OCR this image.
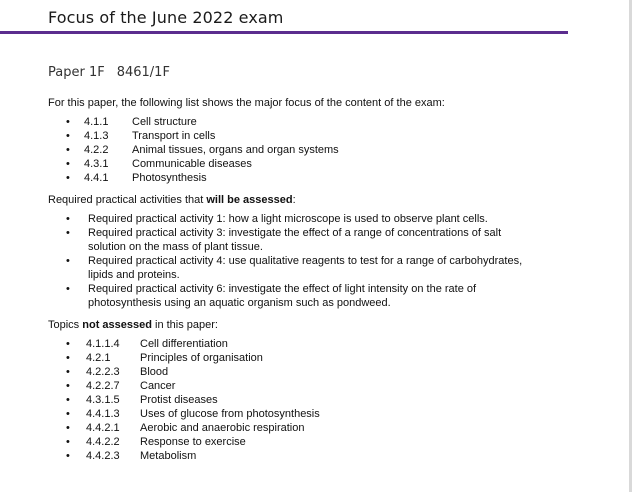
Focus of the June 2022 exam
Paper 1F 8461/1F

For this paper, the following list shows the major focus of the content of the exam:

• 4.1.1 Cell structure
• 4.1.3 Transport in cells
• 4.2.2 Animal tissues, organs and organ systems
• 4.3.1 Communicable diseases
• 4.4.1 Photosynthesis

Required practical activities that will be assessed:

• Required practical activity 1: how a light microscope is used to observe plant cells.
• Required practical activity 3: investigate the effect of a range of concentrations of salt
solution on the mass of plant tissue.
• Required practical activity 4: use qualitative reagents to test for a range of carbohydrates,
lipids and proteins.
• Required practical activity 6: investigate the effect of light intensity on the rate of
photosynthesis using an aquatic organism such as pondweed.

Topics not assessed in this paper:

• 4.1.1.4 Cell differentiation
• 4.2.1	Principles of organisation
• 4.2.2.3 Blood
• 4.2.2.7 Cancer
• 4.3.1.5 Protist diseases
• 4.4.1.3 Uses of glucose from photosynthesis
• 4.4.2.1 Aerobic and anaerobic respiration
• 4.4.2.2 Response to exercise
• 4.4.2.3 Metabolism
